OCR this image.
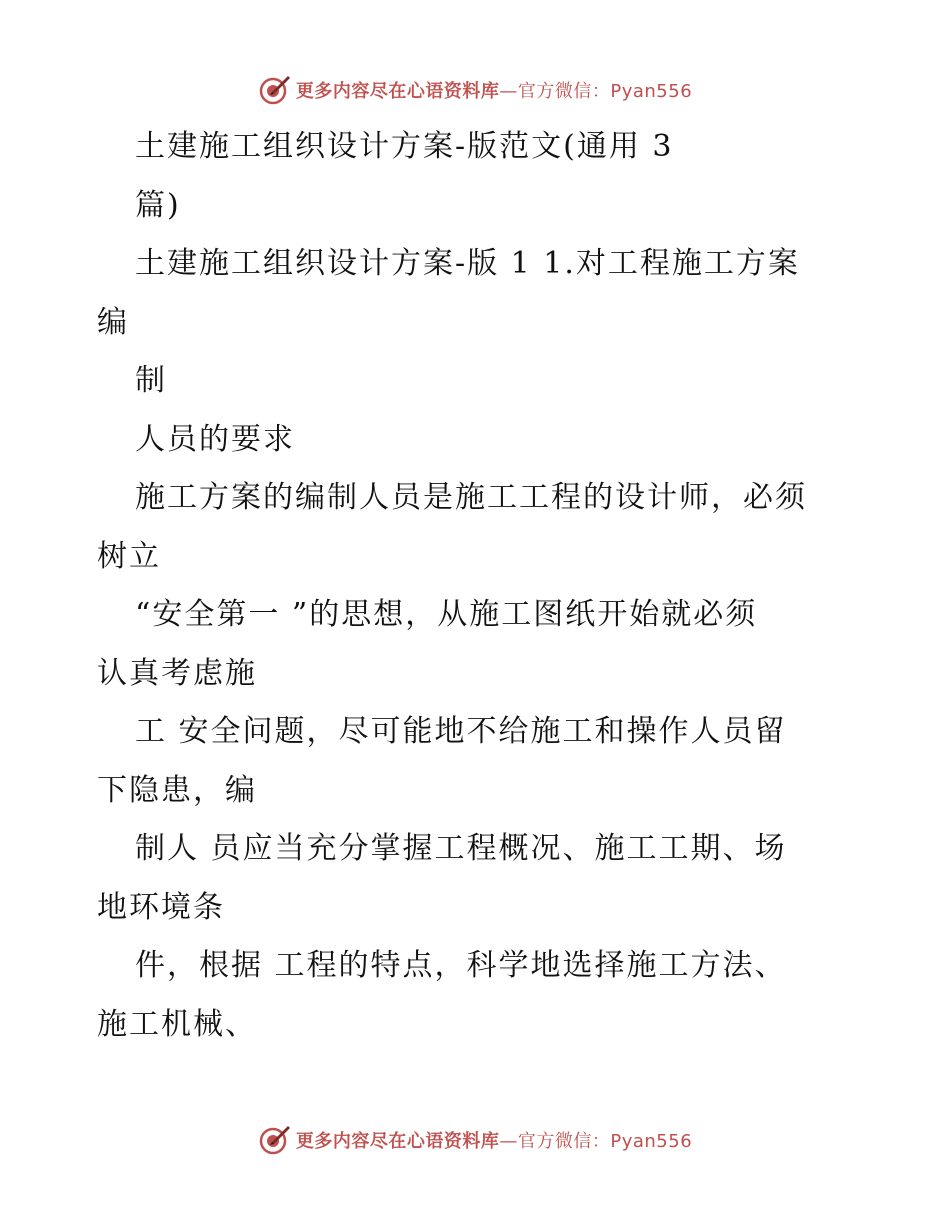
更多内容尽在心语资料库 —官方微信：Pyan556
土建施工组织设计方案-版范文(通用 3
篇)
土建施工组织设计方案-版 1 1.对工程施工方案
编
制
人员的要求
施工方案的编制人员是施工工程的设计师，必须
树立
“安全第一 ”的思想，从施工图纸开始就必须
认真考虑施
工 安全问题，尽可能地不给施工和操作人员留
下隐患，编
制人 员应当充分掌握工程概况、施工工期、场
地环境条
件，根据 工程的特点，科学地选择施工方法、
施工机械、
更多内容尽在心语资料库 —官方微信：Pyan556
